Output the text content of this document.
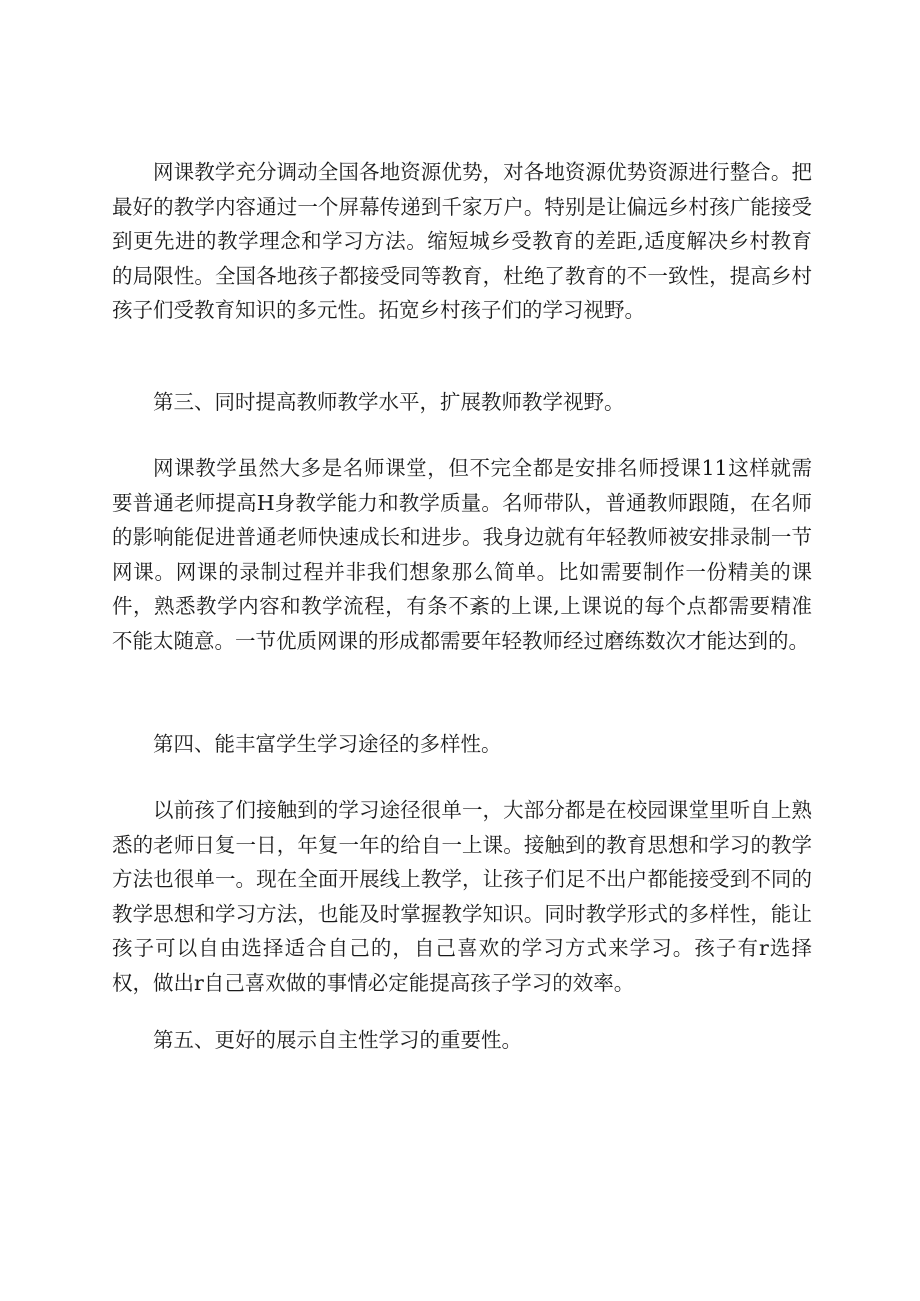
网课教学充分调动全国各地资源优势，对各地资源优势资源进行整合。把最好的教学内容通过一个屏幕传递到千家万户。特别是让偏远乡村孩广能接受到更先进的教学理念和学习方法。缩短城乡受教育的差距,适度解决乡村教育的局限性。全国各地孩子都接受同等教育，杜绝了教育的不一致性，提高乡村孩子们受教育知识的多元性。拓宽乡村孩子们的学习视野。

第三、同时提高教师教学水平，扩展教师教学视野。

网课教学虽然大多是名师课堂，但不完全都是安排名师授课11这样就需要普通老师提高H身教学能力和教学质量。名师带队，普通教师跟随，在名师的影响能促进普通老师快速成长和进步。我身边就有年轻教师被安排录制一节网课。网课的录制过程并非我们想象那么简单。比如需要制作一份精美的课件，熟悉教学内容和教学流程，有条不紊的上课,上课说的每个点都需要精准不能太随意。一节优质网课的形成都需要年轻教师经过磨练数次才能达到的。

第四、能丰富学生学习途径的多样性。

以前孩了们接触到的学习途径很单一，大部分都是在校园课堂里听自上熟悉的老师日复一日，年复一年的给自一上课。接触到的教育思想和学习的教学方法也很单一。现在全面开展线上教学，让孩子们足不出户都能接受到不同的教学思想和学习方法，也能及时掌握教学知识。同时教学形式的多样性，能让孩子可以自由选择适合自己的，自己喜欢的学习方式来学习。孩子有r选择权，做出r自己喜欢做的事情必定能提高孩子学习的效率。

第五、更好的展示自主性学习的重要性。
